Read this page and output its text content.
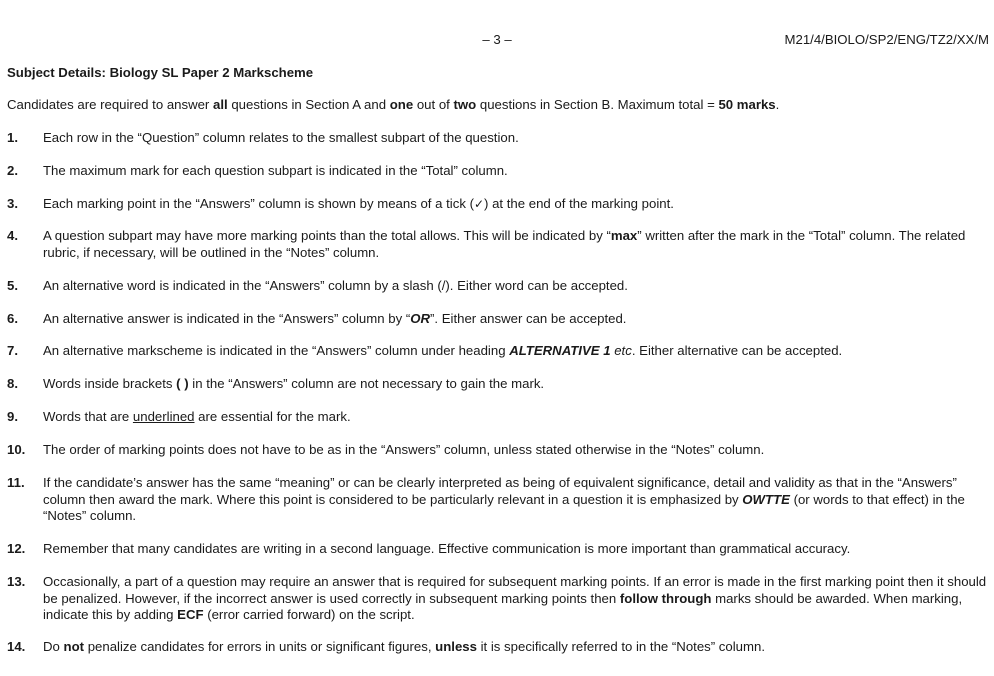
– 3 –	M21/4/BIOLO/SP2/ENG/TZ2/XX/M
Subject Details: Biology SL Paper 2 Markscheme
Candidates are required to answer all questions in Section A and one out of two questions in Section B. Maximum total = 50 marks.
1.	Each row in the “Question” column relates to the smallest subpart of the question.
2.	The maximum mark for each question subpart is indicated in the “Total” column.
3.	Each marking point in the “Answers” column is shown by means of a tick (✓) at the end of the marking point.
4.	A question subpart may have more marking points than the total allows. This will be indicated by “max” written after the mark in the “Total” column. The related rubric, if necessary, will be outlined in the “Notes” column.
5.	An alternative word is indicated in the “Answers” column by a slash (/). Either word can be accepted.
6.	An alternative answer is indicated in the “Answers” column by “OR”. Either answer can be accepted.
7.	An alternative markscheme is indicated in the “Answers” column under heading ALTERNATIVE 1 etc. Either alternative can be accepted.
8.	Words inside brackets ( ) in the “Answers” column are not necessary to gain the mark.
9.	Words that are underlined are essential for the mark.
10.	The order of marking points does not have to be as in the “Answers” column, unless stated otherwise in the “Notes” column.
11.	If the candidate’s answer has the same “meaning” or can be clearly interpreted as being of equivalent significance, detail and validity as that in the “Answers” column then award the mark. Where this point is considered to be particularly relevant in a question it is emphasized by OWTTE (or words to that effect) in the “Notes” column.
12.	Remember that many candidates are writing in a second language. Effective communication is more important than grammatical accuracy.
13.	Occasionally, a part of a question may require an answer that is required for subsequent marking points. If an error is made in the first marking point then it should be penalized. However, if the incorrect answer is used correctly in subsequent marking points then follow through marks should be awarded. When marking, indicate this by adding ECF (error carried forward) on the script.
14.	Do not penalize candidates for errors in units or significant figures, unless it is specifically referred to in the “Notes” column.
